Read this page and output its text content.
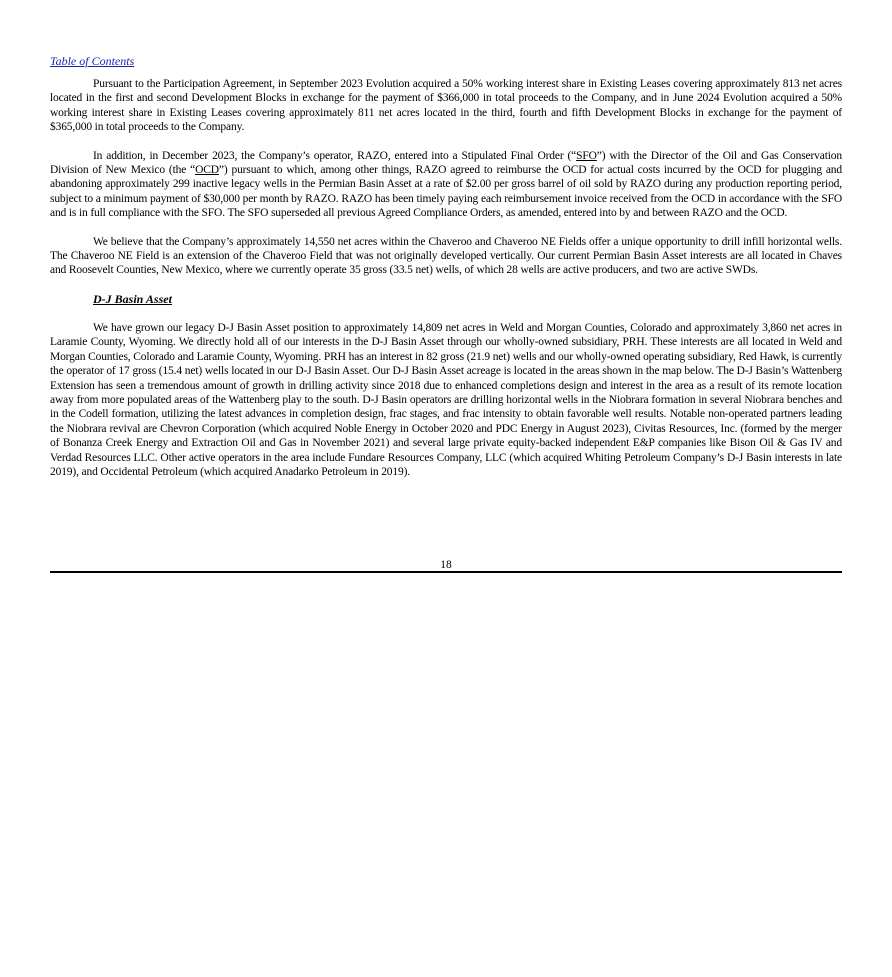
Table of Contents

Pursuant to the Participation Agreement, in September 2023 Evolution acquired a 50% working interest share in Existing Leases covering approximately 813 net acres located in the first and second Development Blocks in exchange for the payment of $366,000 in total proceeds to the Company, and in June 2024 Evolution acquired a 50% working interest share in Existing Leases covering approximately 811 net acres located in the third, fourth and fifth Development Blocks in exchange for the payment of $365,000 in total proceeds to the Company.

In addition, in December 2023, the Company’s operator, RAZO, entered into a Stipulated Final Order (“SFO”) with the Director of the Oil and Gas Conservation Division of New Mexico (the “OCD”) pursuant to which, among other things, RAZO agreed to reimburse the OCD for actual costs incurred by the OCD for plugging and abandoning approximately 299 inactive legacy wells in the Permian Basin Asset at a rate of $2.00 per gross barrel of oil sold by RAZO during any production reporting period, subject to a minimum payment of $30,000 per month by RAZO. RAZO has been timely paying each reimbursement invoice received from the OCD in accordance with the SFO and is in full compliance with the SFO. The SFO superseded all previous Agreed Compliance Orders, as amended, entered into by and between RAZO and the OCD.

We believe that the Company’s approximately 14,550 net acres within the Chaveroo and Chaveroo NE Fields offer a unique opportunity to drill infill horizontal wells. The Chaveroo NE Field is an extension of the Chaveroo Field that was not originally developed vertically. Our current Permian Basin Asset interests are all located in Chaves and Roosevelt Counties, New Mexico, where we currently operate 35 gross (33.5 net) wells, of which 28 wells are active producers, and two are active SWDs.

D-J Basin Asset

We have grown our legacy D-J Basin Asset position to approximately 14,809 net acres in Weld and Morgan Counties, Colorado and approximately 3,860 net acres in Laramie County, Wyoming. We directly hold all of our interests in the D-J Basin Asset through our wholly-owned subsidiary, PRH. These interests are all located in Weld and Morgan Counties, Colorado and Laramie County, Wyoming. PRH has an interest in 82 gross (21.9 net) wells and our wholly-owned operating subsidiary, Red Hawk, is currently the operator of 17 gross (15.4 net) wells located in our D-J Basin Asset. Our D-J Basin Asset acreage is located in the areas shown in the map below. The D-J Basin’s Wattenberg Extension has seen a tremendous amount of growth in drilling activity since 2018 due to enhanced completions design and interest in the area as a result of its remote location away from more populated areas of the Wattenberg play to the south. D-J Basin operators are drilling horizontal wells in the Niobrara formation in several Niobrara benches and in the Codell formation, utilizing the latest advances in completion design, frac stages, and frac intensity to obtain favorable well results. Notable non-operated partners leading the Niobrara revival are Chevron Corporation (which acquired Noble Energy in October 2020 and PDC Energy in August 2023), Civitas Resources, Inc. (formed by the merger of Bonanza Creek Energy and Extraction Oil and Gas in November 2021) and several large private equity-backed independent E&P companies like Bison Oil & Gas IV and Verdad Resources LLC. Other active operators in the area include Fundare Resources Company, LLC (which acquired Whiting Petroleum Company’s D-J Basin interests in late 2019), and Occidental Petroleum (which acquired Anadarko Petroleum in 2019).

18
